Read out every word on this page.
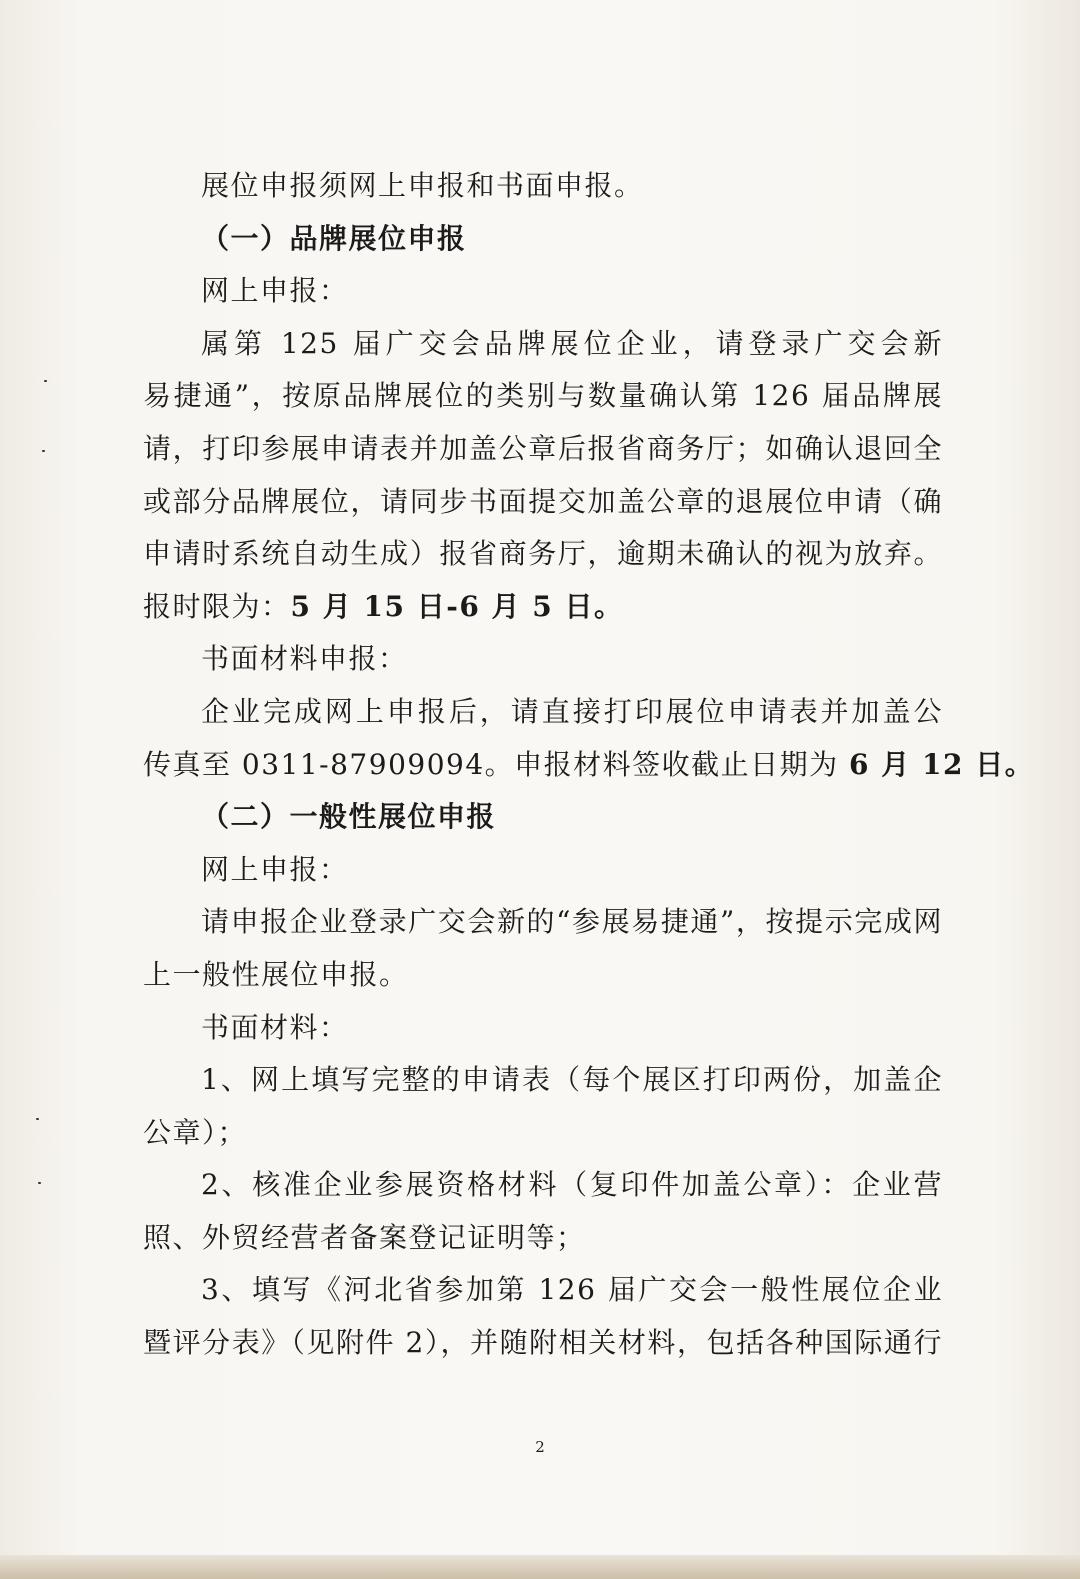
展位申报须网上申报和书面申报。
（一）品牌展位申报
网上申报：
属第 125 届广交会品牌展位企业，请登录广交会新
易捷通”，按原品牌展位的类别与数量确认第 126 届品牌展
请，打印参展申请表并加盖公章后报省商务厅；如确认退回全
或部分品牌展位，请同步书面提交加盖公章的退展位申请（确
申请时系统自动生成）报省商务厅，逾期未确认的视为放弃。
报时限为：5 月 15 日-6 月 5 日。
书面材料申报：
企业完成网上申报后，请直接打印展位申请表并加盖公
传真至 0311-87909094。申报材料签收截止日期为 6 月 12 日。
（二）一般性展位申报
网上申报：
请申报企业登录广交会新的“参展易捷通”，按提示完成网
上一般性展位申报。
书面材料：
1、网上填写完整的申请表（每个展区打印两份，加盖企
公章）；
2、核准企业参展资格材料（复印件加盖公章）：企业营
照、外贸经营者备案登记证明等；
3、填写《河北省参加第 126 届广交会一般性展位企业
暨评分表》（见附件 2），并随附相关材料，包括各种国际通行
2
